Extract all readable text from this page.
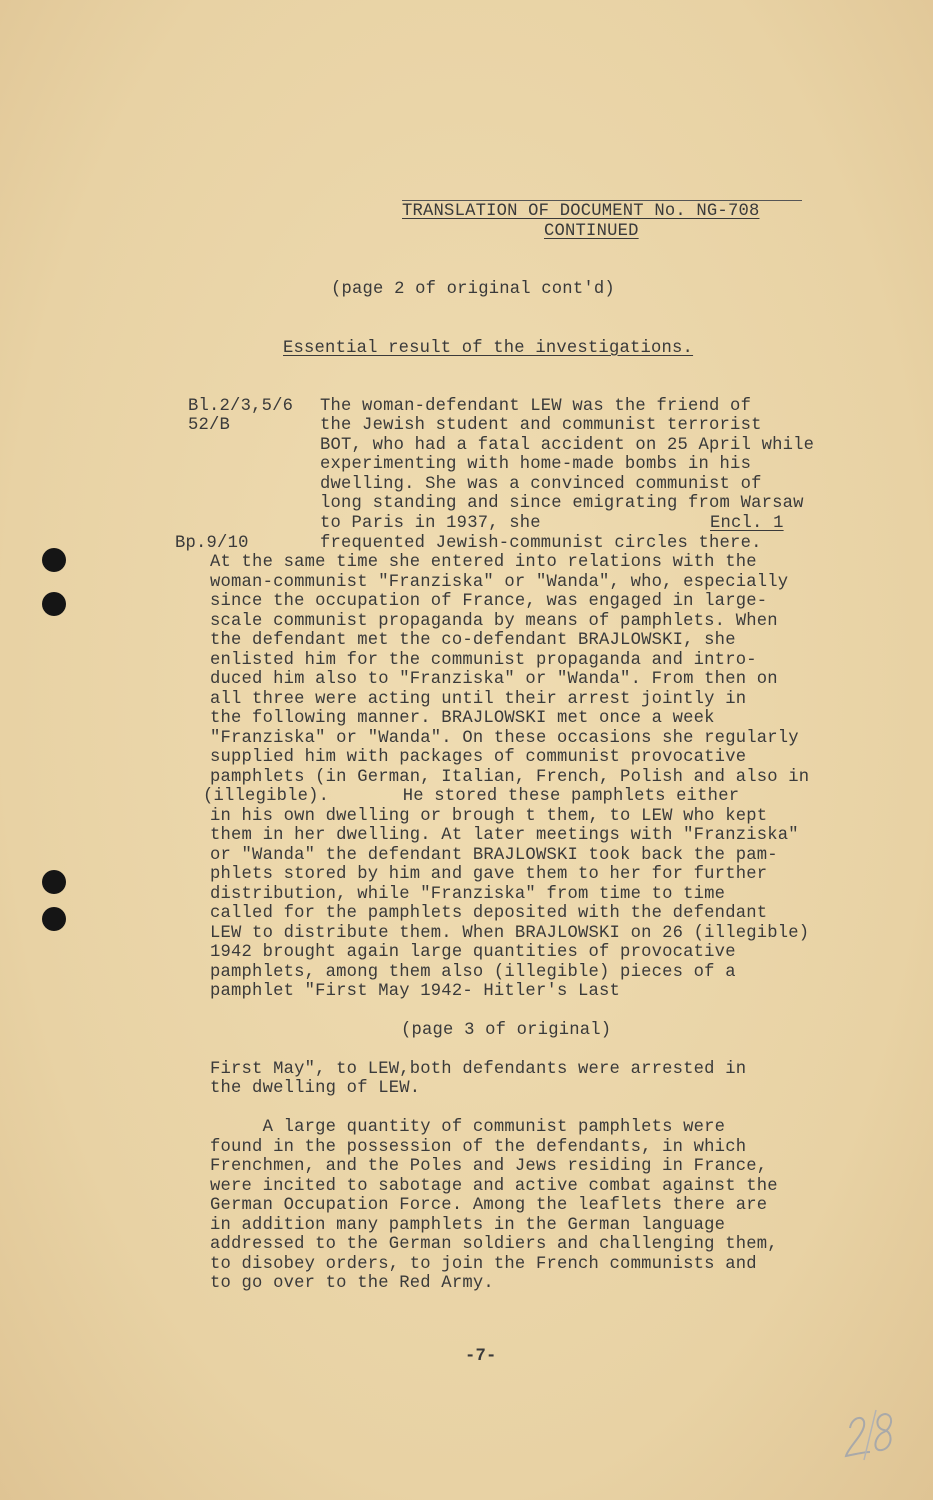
TRANSLATION OF DOCUMENT No. NG-708
CONTINUED
(page 2 of original cont'd)
Essential result of the investigations.
Bl.2/3,5/6
52/B
Bp.9/10
The woman-defendant LEW was the friend of
the Jewish student and communist terrorist
BOT, who had a fatal accident on 25 April while
experimenting with home-made bombs in his
dwelling. She was a convinced communist of
long standing and since emigrating from Warsaw
to Paris in 1937, she	Encl. 1
frequented Jewish-communist circles there.
At the same time she entered into relations with the
woman-communist "Franziska" or "Wanda", who, especially
since the occupation of France, was engaged in large-
scale communist propaganda by means of pamphlets. When
the defendant met the co-defendant BRAJLOWSKI, she
enlisted him for the communist propaganda and intro-
duced him also to "Franziska" or "Wanda". From then on
all three were acting until their arrest jointly in
the following manner. BRAJLOWSKI met once a week
"Franziska" or "Wanda". On these occasions she regularly
supplied him with packages of communist provocative
pamphlets (in German, Italian, French, Polish and also in
(illegible).       He stored these pamphlets either
in his own dwelling or brough t them, to LEW who kept
them in her dwelling. At later meetings with "Franziska"
or "Wanda" the defendant BRAJLOWSKI took back the pam-
phlets stored by him and gave them to her for further
distribution, while "Franziska" from time to time
called for the pamphlets deposited with the defendant
LEW to distribute them. When BRAJLOWSKI on 26 (illegible)
1942 brought again large quantities of provocative
pamphlets, among them also (illegible) pieces of a
pamphlet "First May 1942- Hitler's Last
(page 3 of original)
First May", to LEW,both defendants were arrested in
the dwelling of LEW.
A large quantity of communist pamphlets were
found in the possession of the defendants, in which
Frenchmen, and the Poles and Jews residing in France,
were incited to sabotage and active combat against the
German Occupation Force. Among the leaflets there are
in addition many pamphlets in the German language
addressed to the German soldiers and challenging them,
to disobey orders, to join the French communists and
to go over to the Red Army.
-7-
